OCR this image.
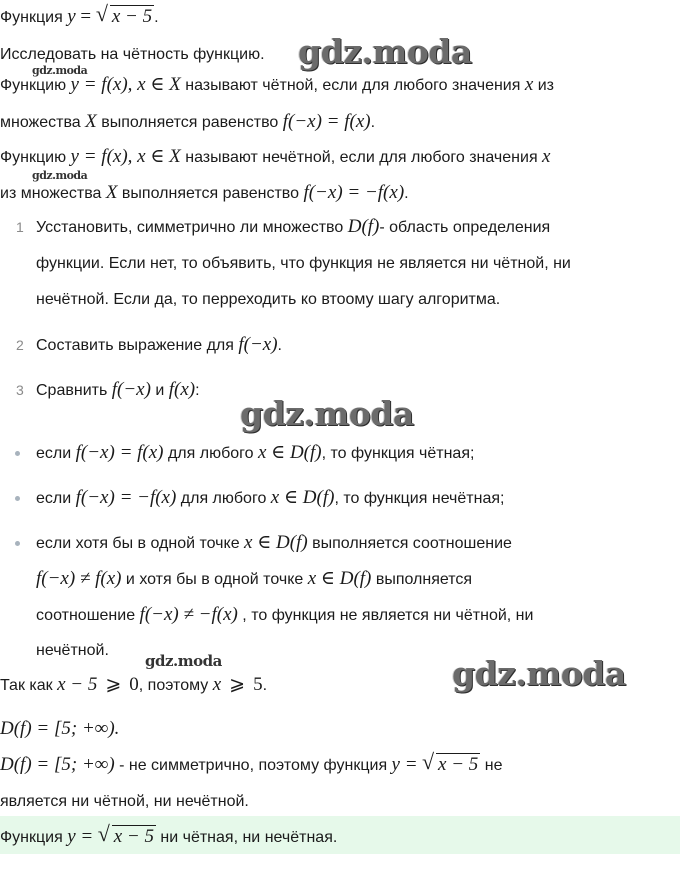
Функция y = √ x − 5 .
Исследовать на чётность функцию. gdz.moda
gdz.moda
Функцию y = f(x), x ∈ X называют чётной, если для любого значения x из
множества X выполняется равенство f(−x) = f(x).
Функцию y = f(x), x ∈ X называют нечётной, если для любого значения x
gdz.moda
из множества X выполняется равенство f(−x) = −f(x).
1 Усстановить, симметрично ли множество D(f)- область определения
функции. Если нет, то объявить, что функция не является ни чётной, ни
нечётной. Если да, то перреходить ко втоому шагу алгоритма.
2 Составить выражение для f(−x).
3 Сравнить f(−x) и f(x):
gdz.moda
если f(−x) = f(x) для любого x ∈ D(f), то функция чётная;
если f(−x) = −f(x) для любого x ∈ D(f), то функция нечётная;
если хотя бы в одной точке x ∈ D(f) выполняется соотношение
f(−x) ≠ f(x) и хотя бы в одной точке x ∈ D(f) выполняется
соотношение f(−x) ≠ −f(x) , то функция не является ни чётной, ни
нечётной.
gdz.moda
Так как x − 5 ⩾ 0, поэтому x ⩾ 5.	gdz.moda
D(f) = [5; +∞).
D(f) = [5; +∞) - не симметрично, поэтому функция y = √ x − 5 не
является ни чётной, ни нечётной.
Функция y = √ x − 5 ни чётная, ни нечётная.
